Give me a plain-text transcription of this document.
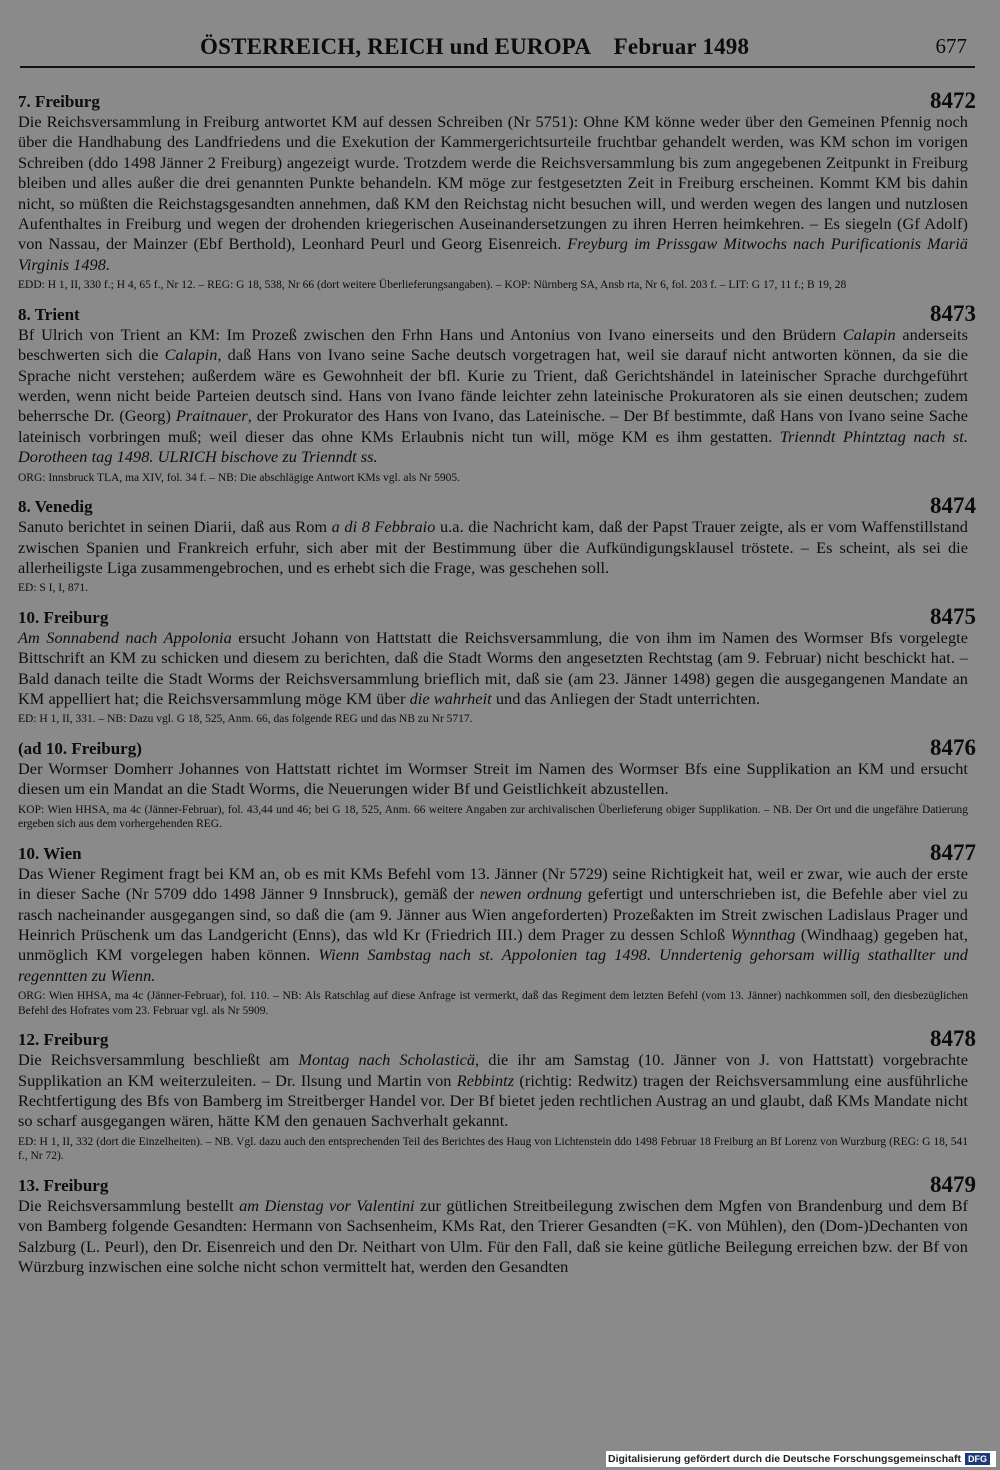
ÖSTERREICH, REICH und EUROPA    Februar 1498	677
7. Freiburg	8472

Die Reichsversammlung in Freiburg antwortet KM auf dessen Schreiben (Nr 5751): Ohne KM könne weder über den Gemeinen Pfennig noch über die Handhabung des Landfriedens und die Exekution der Kammergerichtsurteile fruchtbar gehandelt werden, was KM schon im vorigen Schreiben (ddo 1498 Jänner 2 Freiburg) angezeigt wurde. Trotzdem werde die Reichsversammlung bis zum angegebenen Zeitpunkt in Freiburg bleiben und alles außer die drei genannten Punkte behandeln. KM möge zur festgesetzten Zeit in Freiburg erscheinen. Kommt KM bis dahin nicht, so müßten die Reichstagsgesandten annehmen, daß KM den Reichstag nicht besuchen will, und werden wegen des langen und nutzlosen Aufenthaltes in Freiburg und wegen der drohenden kriegerischen Auseinandersetzungen zu ihren Herren heimkehren. – Es siegeln (Gf Adolf) von Nassau, der Mainzer (Ebf Berthold), Leonhard Peurl und Georg Eisenreich. Freyburg im Prissgaw Mitwochs nach Purificationis Mariä Virginis 1498.

EDD: H 1, II, 330 f.; H 4, 65 f., Nr 12. – REG: G 18, 538, Nr 66 (dort weitere Überlieferungsangaben). – KOP: Nürnberg SA, Ansb rta, Nr 6, fol. 203 f. – LIT: G 17, 11 f.; B 19, 28

8. Trient	8473

Bf Ulrich von Trient an KM: Im Prozeß zwischen den Frhn Hans und Antonius von Ivano einerseits und den Brüdern Calapin anderseits beschwerten sich die Calapin, daß Hans von Ivano seine Sache deutsch vorgetragen hat, weil sie darauf nicht antworten können, da sie die Sprache nicht verstehen; außerdem wäre es Gewohnheit der bfl. Kurie zu Trient, daß Gerichtshändel in lateinischer Sprache durchgeführt werden, wenn nicht beide Parteien deutsch sind. Hans von Ivano fände leichter zehn lateinische Prokuratoren als sie einen deutschen; zudem beherrsche Dr. (Georg) Praitnauer, der Prokurator des Hans von Ivano, das Lateinische. – Der Bf bestimmte, daß Hans von Ivano seine Sache lateinisch vorbringen muß; weil dieser das ohne KMs Erlaubnis nicht tun will, möge KM es ihm gestatten. Trienndt Phintztag nach st. Dorotheen tag 1498. ULRICH bischove zu Trienndt ss.

ORG: Innsbruck TLA, ma XIV, fol. 34 f. – NB: Die abschlägige Antwort KMs vgl. als Nr 5905.

8. Venedig	8474

Sanuto berichtet in seinen Diarii, daß aus Rom a di 8 Febbraio u.a. die Nachricht kam, daß der Papst Trauer zeigte, als er vom Waffenstillstand zwischen Spanien und Frankreich erfuhr, sich aber mit der Bestimmung über die Aufkündigungsklausel tröstete. – Es scheint, als sei die allerheiligste Liga zusammengebrochen, und es erhebt sich die Frage, was geschehen soll.

ED: S I, I, 871.

10. Freiburg	8475

Am Sonnabend nach Appolonia ersucht Johann von Hattstatt die Reichsversammlung, die von ihm im Namen des Wormser Bfs vorgelegte Bittschrift an KM zu schicken und diesem zu berichten, daß die Stadt Worms den angesetzten Rechtstag (am 9. Februar) nicht beschickt hat. – Bald danach teilte die Stadt Worms der Reichsversammlung brieflich mit, daß sie (am 23. Jänner 1498) gegen die ausgegangenen Mandate an KM appelliert hat; die Reichsversammlung möge KM über die wahrheit und das Anliegen der Stadt unterrichten.

ED: H 1, II, 331. – NB: Dazu vgl. G 18, 525, Anm. 66, das folgende REG und das NB zu Nr 5717.

(ad 10. Freiburg)	8476

Der Wormser Domherr Johannes von Hattstatt richtet im Wormser Streit im Namen des Wormser Bfs eine Supplikation an KM und ersucht diesen um ein Mandat an die Stadt Worms, die Neuerungen wider Bf und Geistlichkeit abzustellen.

KOP: Wien HHSA, ma 4c (Jänner-Februar), fol. 43,44 und 46; bei G 18, 525, Anm. 66 weitere Angaben zur archivalischen Überlieferung obiger Supplikation. – NB. Der Ort und die ungefähre Datierung ergeben sich aus dem vorhergehenden REG.

10. Wien	8477

Das Wiener Regiment fragt bei KM an, ob es mit KMs Befehl vom 13. Jänner (Nr 5729) seine Richtigkeit hat, weil er zwar, wie auch der erste in dieser Sache (Nr 5709 ddo 1498 Jänner 9 Innsbruck), gemäß der newen ordnung gefertigt und unterschrieben ist, die Befehle aber viel zu rasch nacheinander ausgegangen sind, so daß die (am 9. Jänner aus Wien angeforderten) Prozeßakten im Streit zwischen Ladislaus Prager und Heinrich Prüschenk um das Landgericht (Enns), das wld Kr (Friedrich III.) dem Prager zu dessen Schloß Wynnthag (Windhaag) gegeben hat, unmöglich KM vorgelegen haben können. Wienn Sambstag nach st. Appolonien tag 1498. Unndertenig gehorsam willig stathallter und regenntten zu Wienn.

ORG: Wien HHSA, ma 4c (Jänner-Februar), fol. 110. – NB: Als Ratschlag auf diese Anfrage ist vermerkt, daß das Regiment dem letzten Befehl (vom 13. Jänner) nachkommen soll, den diesbezüglichen Befehl des Hofrates vom 23. Februar vgl. als Nr 5909.

12. Freiburg	8478

Die Reichsversammlung beschließt am Montag nach Scholasticä, die ihr am Samstag (10. Jänner von J. von Hattstatt) vorgebrachte Supplikation an KM weiterzuleiten. – Dr. Ilsung und Martin von Rebbintz (richtig: Redwitz) tragen der Reichsversammlung eine ausführliche Rechtfertigung des Bfs von Bamberg im Streitberger Handel vor. Der Bf bietet jeden rechtlichen Austrag an und glaubt, daß KMs Mandate nicht so scharf ausgegangen wären, hätte KM den genauen Sachverhalt gekannt.

ED: H 1, II, 332 (dort die Einzelheiten). – NB. Vgl. dazu auch den entsprechenden Teil des Berichtes des Haug von Lichtenstein ddo 1498 Februar 18 Freiburg an Bf Lorenz von Wurzburg (REG: G 18, 541 f., Nr 72).

13. Freiburg	8479

Die Reichsversammlung bestellt am Dienstag vor Valentini zur gütlichen Streitbeilegung zwischen dem Mgfen von Brandenburg und dem Bf von Bamberg folgende Gesandten: Hermann von Sachsenheim, KMs Rat, den Trierer Gesandten (=K. von Mühlen), den (Dom-)Dechanten von Salzburg (L. Peurl), den Dr. Eisenreich und den Dr. Neithart von Ulm. Für den Fall, daß sie keine gütliche Beilegung erreichen bzw. der Bf von Würzburg inzwischen eine solche nicht schon vermittelt hat, werden den Gesandten

Digitalisierung gefördert durch die Deutsche Forschungsgemeinschaft DFG
